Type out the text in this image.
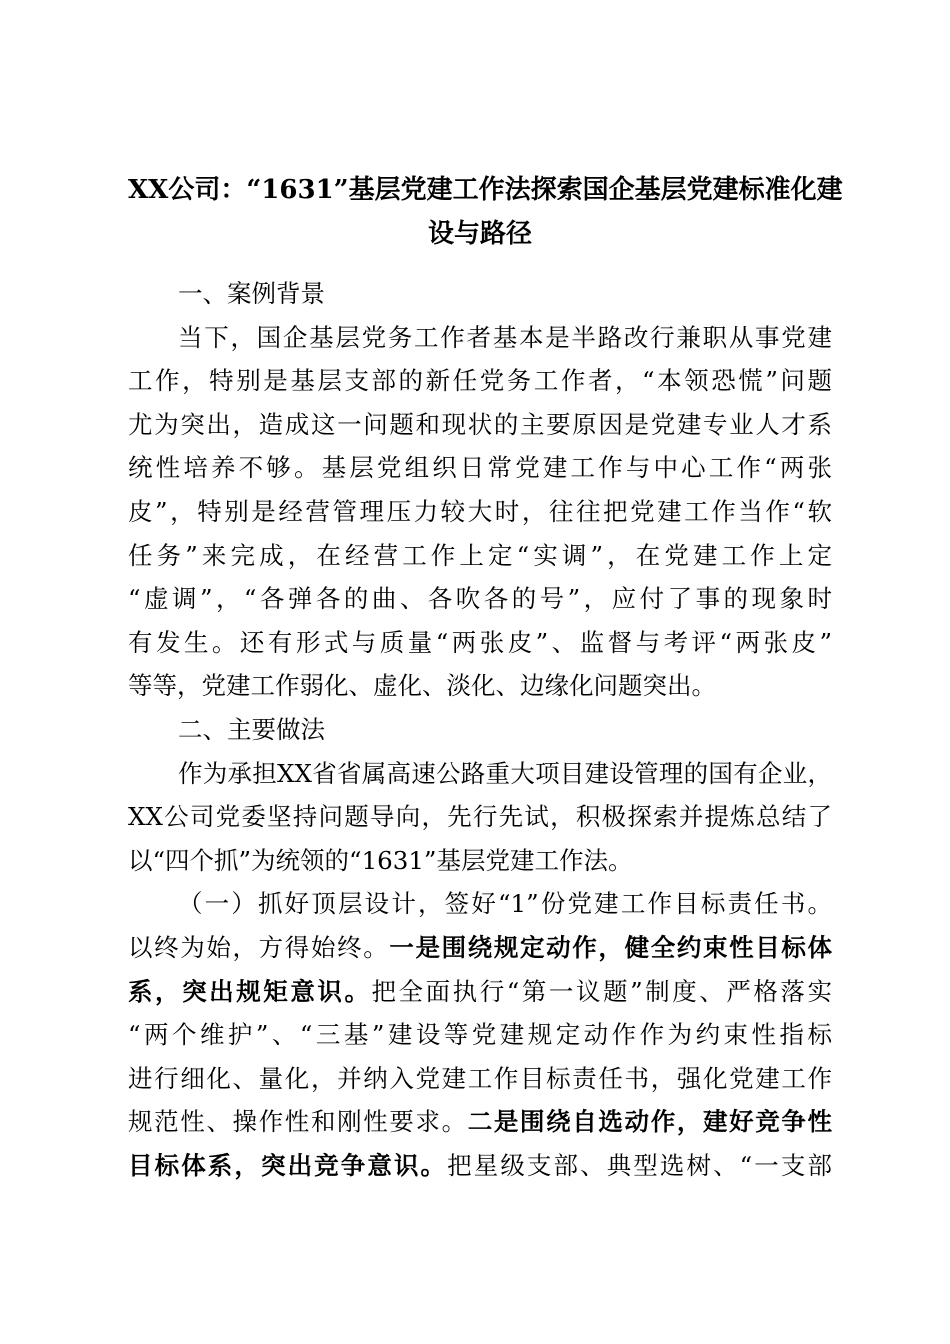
XX公司：“1631”基层党建工作法探索国企基层党建标准化建
设与路径
一、案例背景
当下，国企基层党务工作者基本是半路改行兼职从事党建
工作，特别是基层支部的新任党务工作者，“本领恐慌”问题
尤为突出，造成这一问题和现状的主要原因是党建专业人才系
统性培养不够。基层党组织日常党建工作与中心工作“两张
皮”，特别是经营管理压力较大时，往往把党建工作当作“软
任务”来完成，在经营工作上定“实调”，在党建工作上定
“虚调”，“各弹各的曲、各吹各的号”，应付了事的现象时
有发生。还有形式与质量“两张皮”、监督与考评“两张皮”
等等，党建工作弱化、虚化、淡化、边缘化问题突出。
二、主要做法
作为承担XX省省属高速公路重大项目建设管理的国有企业，
XX公司党委坚持问题导向，先行先试，积极探索并提炼总结了
以“四个抓”为统领的“1631”基层党建工作法。
（一）抓好顶层设计，签好“1”份党建工作目标责任书。
以终为始，方得始终。一是围绕规定动作，健全约束性目标体
系，突出规矩意识。把全面执行“第一议题”制度、严格落实
“两个维护”、“三基”建设等党建规定动作作为约束性指标
进行细化、量化，并纳入党建工作目标责任书，强化党建工作
规范性、操作性和刚性要求。二是围绕自选动作，建好竞争性
目标体系，突出竞争意识。把星级支部、典型选树、“一支部
